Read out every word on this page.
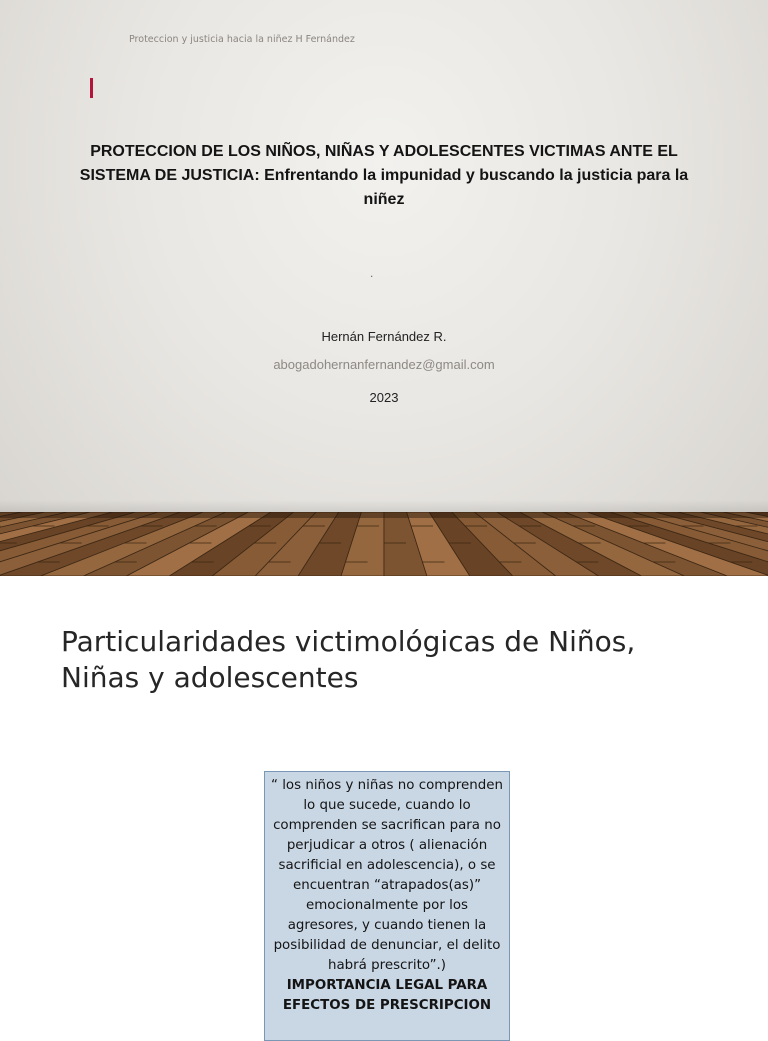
Proteccion y justicia hacia la niñez H Fernández
PROTECCION DE LOS NIÑOS, NIÑAS Y ADOLESCENTES VICTIMAS ANTE EL
SISTEMA DE JUSTICIA: Enfrentando la impunidad y buscando la justicia para la
niñez
.
Hernán Fernández R.
abogadohernanfernandez@gmail.com
2023
Particularidades victimológicas de Niños, Niñas y adolescentes
“ los niños y niñas no comprenden lo que sucede, cuando lo comprenden se sacrifican para no perjudicar a otros ( alienación sacrificial en adolescencia), o se encuentran “atrapados(as)” emocionalmente por los agresores, y cuando tienen la posibilidad de denunciar, el delito habrá prescrito”.)
IMPORTANCIA LEGAL PARA EFECTOS DE PRESCRIPCION
